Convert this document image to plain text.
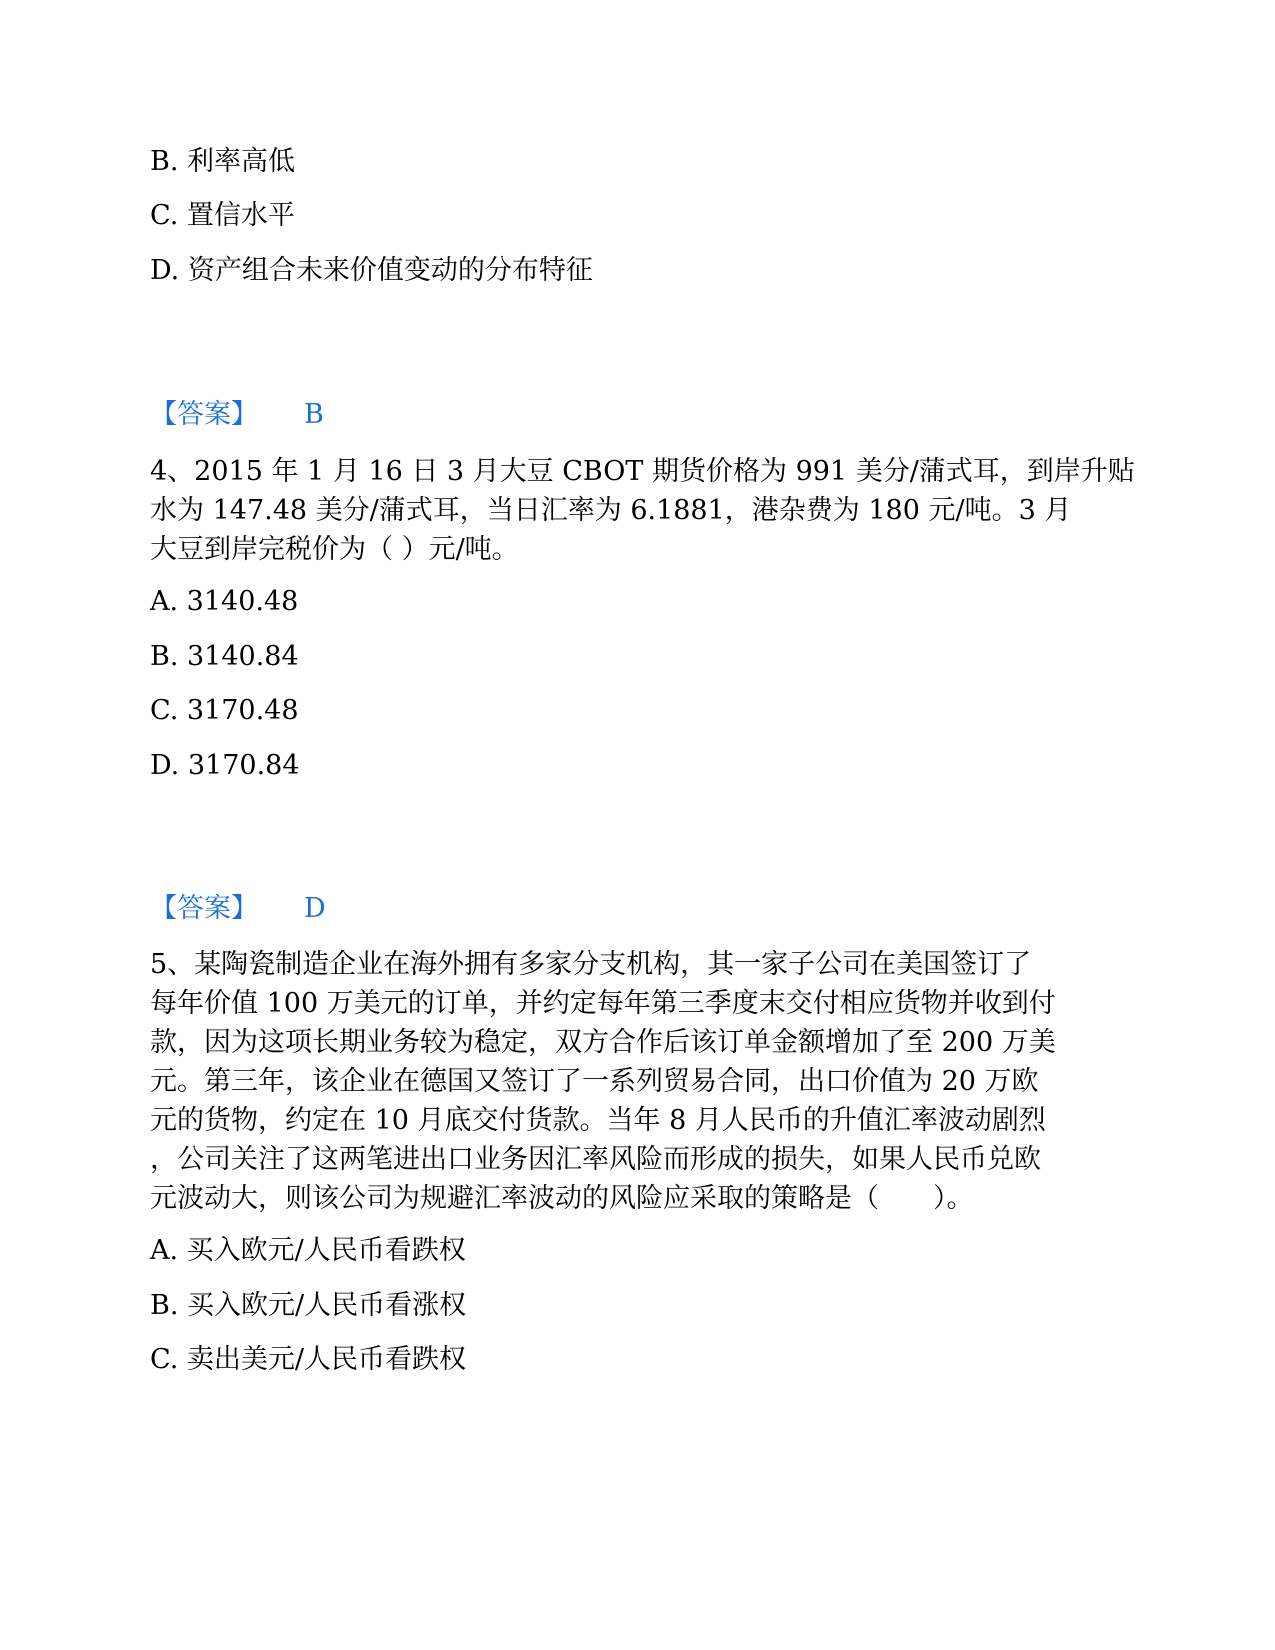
B. 利率高低
C. 置信水平
D. 资产组合未来价值变动的分布特征
【答案】 B
4、2015 年 1 月 16 日 3 月大豆 CBOT 期货价格为 991 美分/蒲式耳，到岸升贴
水为 147.48 美分/蒲式耳，当日汇率为 6.1881，港杂费为 180 元/吨。3 月
大豆到岸完税价为（ ）元/吨。
A. 3140.48
B. 3140.84
C. 3170.48
D. 3170.84
【答案】 D
5、某陶瓷制造企业在海外拥有多家分支机构，其一家子公司在美国签订了
每年价值 100 万美元的订单，并约定每年第三季度末交付相应货物并收到付
款，因为这项长期业务较为稳定，双方合作后该订单金额增加了至 200 万美
元。第三年，该企业在德国又签订了一系列贸易合同，出口价值为 20 万欧
元的货物，约定在 10 月底交付货款。当年 8 月人民币的升值汇率波动剧烈
，公司关注了这两笔进出口业务因汇率风险而形成的损失，如果人民币兑欧
元波动大，则该公司为规避汇率波动的风险应采取的策略是（　　）。
A. 买入欧元/人民币看跌权
B. 买入欧元/人民币看涨权
C. 卖出美元/人民币看跌权
